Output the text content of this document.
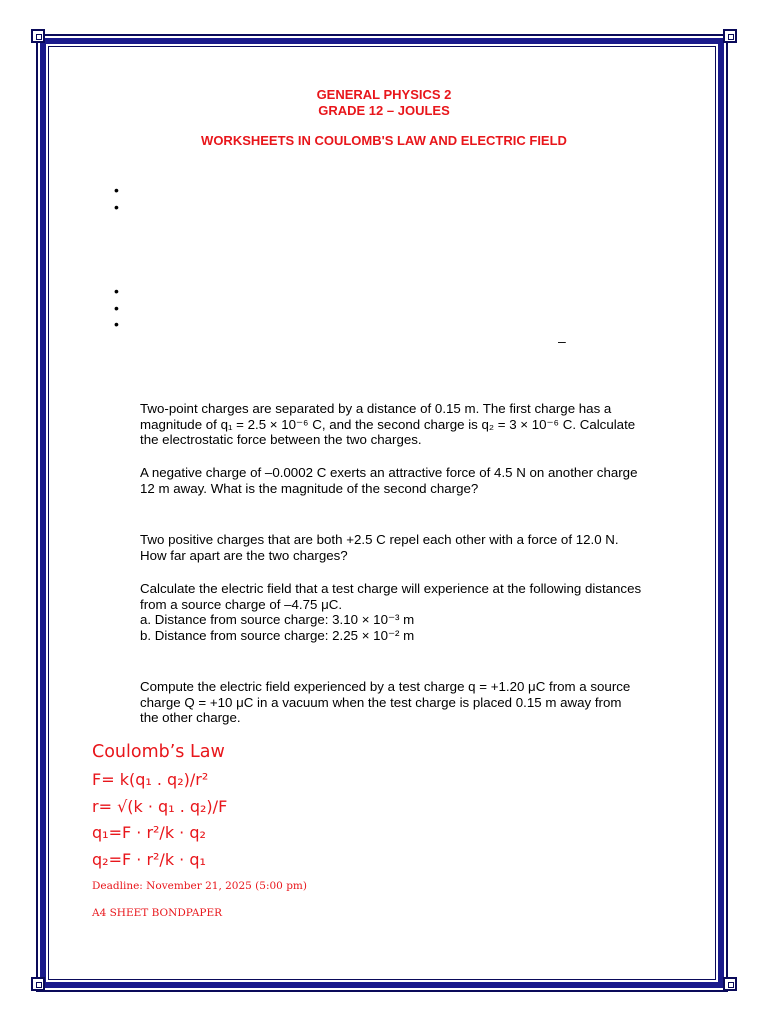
GENERAL PHYSICS 2
GRADE 12 – JOULES
WORKSHEETS IN COULOMB'S LAW AND ELECTRIC FIELD
•
•
•
•
•
–

Two-point charges are separated by a distance of 0.15 m. The first charge has a

magnitude of q₁ = 2.5 × 10⁻⁶ C, and the second charge is q₂ = 3 × 10⁻⁶ C. Calculate

the electrostatic force between the two charges.

A negative charge of –0.0002 C exerts an attractive force of 4.5 N on another charge

12 m away. What is the magnitude of the second charge?

Two positive charges that are both +2.5 C repel each other with a force of 12.0 N.

How far apart are the two charges?

Calculate the electric field that a test charge will experience at the following distances

from a source charge of –4.75 μC.

a. Distance from source charge: 3.10 × 10⁻³ m

b. Distance from source charge: 2.25 × 10⁻² m

Compute the electric field experienced by a test charge q = +1.20 μC from a source

charge Q = +10 μC in a vacuum when the test charge is placed 0.15 m away from

the other charge.

Coulomb’s Law
F= k(q₁ . q₂)/r²
r= √(k · q₁ . q₂)/F
q₁=F · r²/k · q₂
q₂=F · r²/k · q₁
Deadline: November 21, 2025 (5:00 pm)
A4 SHEET BONDPAPER
